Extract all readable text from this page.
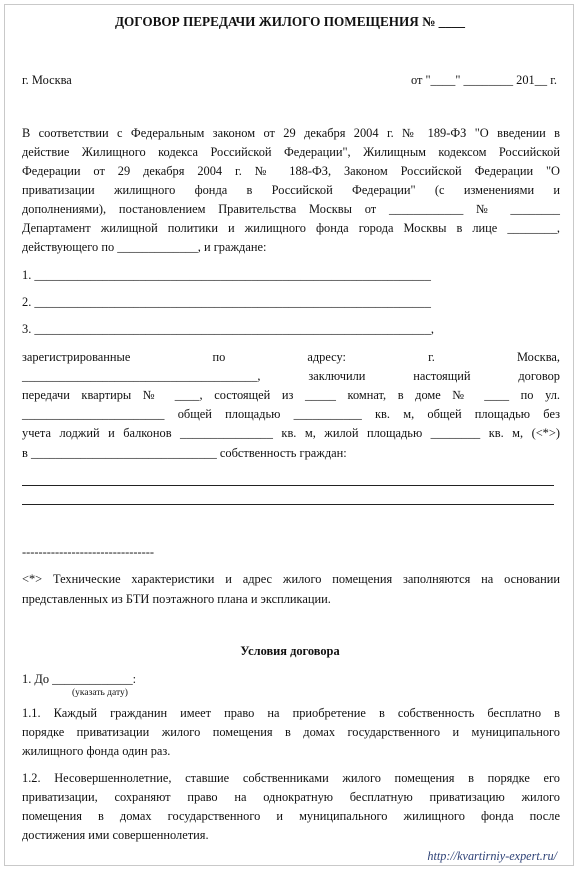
ДОГОВОР ПЕРЕДАЧИ ЖИЛОГО ПОМЕЩЕНИЯ № ____
г. Москва	от "____" ________ 201__ г.
В соответствии с Федеральным законом от 29 декабря 2004 г. № 189-ФЗ "О введении в
действие Жилищного кодекса Российской Федерации", Жилищным кодексом Российской
Федерации от 29 декабря 2004 г. № 188-ФЗ, Законом Российской Федерации "О
приватизации жилищного фонда в Российской Федерации" (с изменениями и
дополнениями), постановлением Правительства Москвы от ____________ № ________
Департамент жилищной политики и жилищного фонда города Москвы в лице ________,
действующего по _____________, и граждане:
1. ________________________________________________________________
2. ________________________________________________________________
3. ________________________________________________________________,
зарегистрированные по адресу: г. Москва,
______________________________________, заключили настоящий договор
передачи квартиры № ____, состоящей из _____ комнат, в доме № ____ по ул.
_______________________ общей площадью ___________ кв. м, общей площадью без
учета лоджий и балконов _______________ кв. м, жилой площадью ________ кв. м, (<*>)
в ______________________________ собственность граждан:
--------------------------------
<*> Технические характеристики и адрес жилого помещения заполняются на основании
представленных из БТИ поэтажного плана и экспликации.
Условия договора
1. До _____________:
(указать дату)
1.1. Каждый гражданин имеет право на приобретение в собственность бесплатно в
порядке приватизации жилого помещения в домах государственного и муниципального
жилищного фонда один раз.
1.2. Несовершеннолетние, ставшие собственниками жилого помещения в порядке его
приватизации, сохраняют право на однократную бесплатную приватизацию жилого
помещения в домах государственного и муниципального жилищного фонда после
достижения ими совершеннолетия.
http://kvartirniy-expert.ru/
